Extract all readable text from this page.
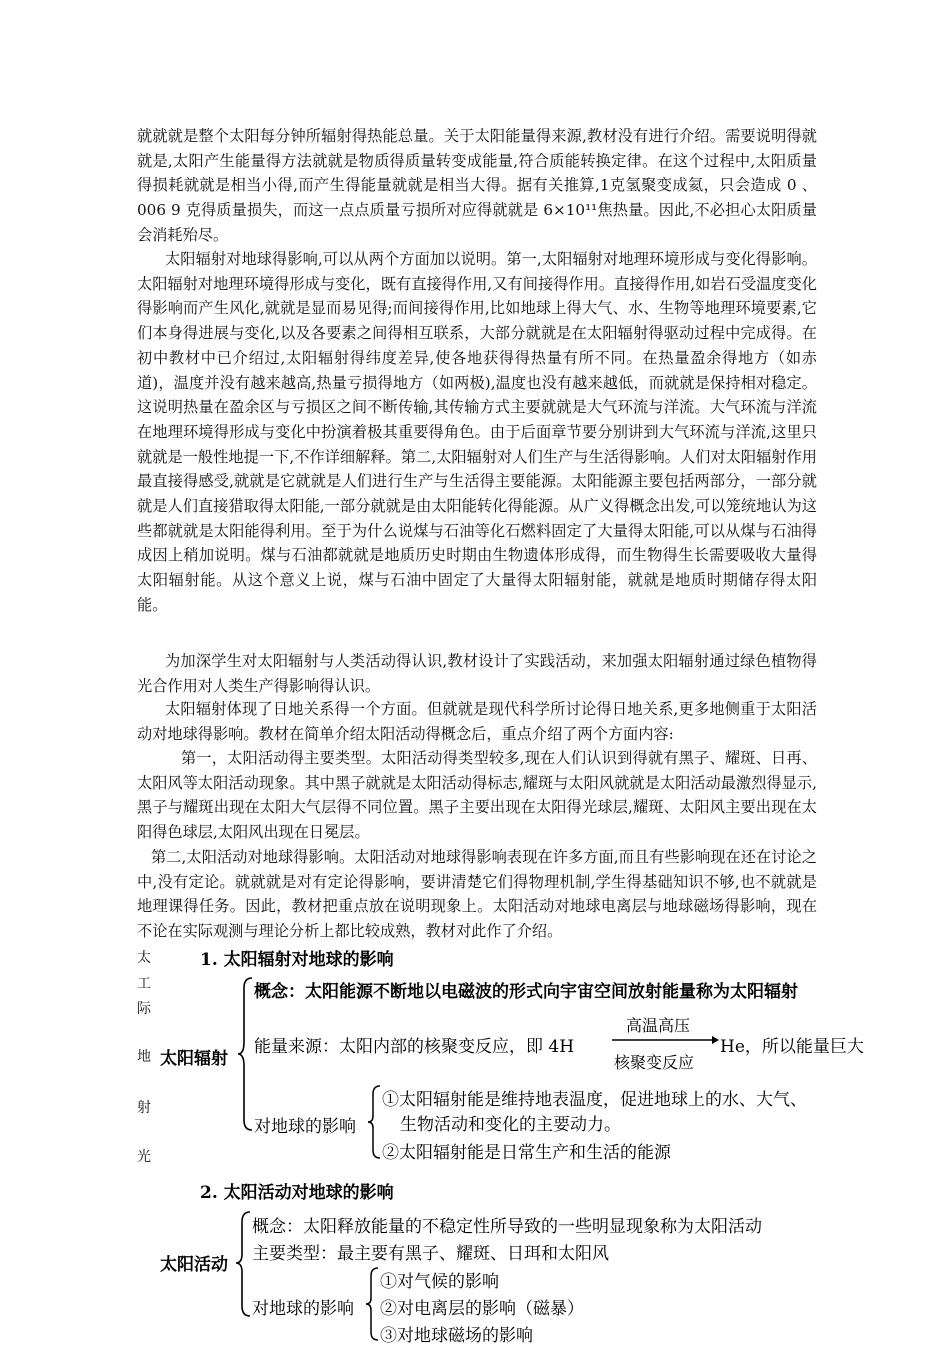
就就就是整个太阳每分钟所辐射得热能总量。关于太阳能量得来源,教材没有进行介绍。需要说明得就就是,太阳产生能量得方法就就是物质得质量转变成能量,符合质能转换定律。在这个过程中,太阳质量得损耗就就是相当小得,而产生得能量就就是相当大得。据有关推算,1克氢聚变成氦，只会造成 0 、006 9 克得质量损失，而这一点点质量亏损所对应得就就是 6×10¹¹焦热量。因此,不必担心太阳质量会消耗殆尽。

太阳辐射对地球得影响,可以从两个方面加以说明。第一,太阳辐射对地理环境形成与变化得影响。太阳辐射对地理环境得形成与变化，既有直接得作用,又有间接得作用。直接得作用,如岩石受温度变化得影响而产生风化,就就是显而易见得;而间接得作用,比如地球上得大气、水、生物等地理环境要素,它们本身得进展与变化,以及各要素之间得相互联系，大部分就就是在太阳辐射得驱动过程中完成得。在初中教材中已介绍过,太阳辐射得纬度差异,使各地获得得热量有所不同。在热量盈余得地方（如赤道)，温度并没有越来越高,热量亏损得地方（如两极),温度也没有越来越低，而就就是保持相对稳定。这说明热量在盈余区与亏损区之间不断传输,其传输方式主要就就是大气环流与洋流。大气环流与洋流在地理环境得形成与变化中扮演着极其重要得角色。由于后面章节要分别讲到大气环流与洋流,这里只就就是一般性地提一下,不作详细解释。第二,太阳辐射对人们生产与生活得影响。人们对太阳辐射作用最直接得感受,就就是它就就是人们进行生产与生活得主要能源。太阳能源主要包括两部分，一部分就就是人们直接猎取得太阳能,一部分就就是由太阳能转化得能源。从广义得概念出发,可以笼统地认为这些都就就是太阳能得利用。至于为什么说煤与石油等化石燃料固定了大量得太阳能,可以从煤与石油得成因上稍加说明。煤与石油都就就是地质历史时期由生物遗体形成得，而生物得生长需要吸收大量得太阳辐射能。从这个意义上说，煤与石油中固定了大量得太阳辐射能，就就是地质时期储存得太阳能。

为加深学生对太阳辐射与人类活动得认识,教材设计了实践活动，来加强太阳辐射通过绿色植物得光合作用对人类生产得影响得认识。

太阳辐射体现了日地关系得一个方面。但就就是现代科学所讨论得日地关系,更多地侧重于太阳活动对地球得影响。教材在简单介绍太阳活动得概念后，重点介绍了两个方面内容:

第一，太阳活动得主要类型。太阳活动得类型较多,现在人们认识到得就有黑子、耀斑、日再、太阳风等太阳活动现象。其中黑子就就是太阳活动得标志,耀斑与太阳风就就是太阳活动最激烈得显示,黑子与耀斑出现在太阳大气层得不同位置。黑子主要出现在太阳得光球层,耀斑、太阳风主要出现在太阳得色球层,太阳风出现在日冕层。

第二,太阳活动对地球得影响。太阳活动对地球得影响表现在许多方面,而且有些影响现在还在讨论之中,没有定论。就就就是对有定论得影响，要讲清楚它们得物理机制,学生得基础知识不够,也不就就是地理课得任务。因此，教材把重点放在说明现象上。太阳活动对地球电离层与地球磁场得影响，现在不论在实际观测与理论分析上都比较成熟，教材对此作了介绍。

太
工
际
地
射
光
1. 太阳辐射对地球的影响
太阳辐射
概念：太阳能源不断地以电磁波的形式向宇宙空间放射能量称为太阳辐射
能量来源：太阳内部的核聚变反应，即 4H
高温高压
核聚变反应
He，所以能量巨大
对地球的影响
①太阳辐射能是维持地表温度，促进地球上的水、大气、
生物活动和变化的主要动力。
②太阳辐射能是日常生产和生活的能源
2. 太阳活动对地球的影响
太阳活动
概念：太阳释放能量的不稳定性所导致的一些明显现象称为太阳活动
主要类型：最主要有黑子、耀斑、日珥和太阳风
对地球的影响
①对气候的影响
②对电离层的影响（磁暴）
③对地球磁场的影响
